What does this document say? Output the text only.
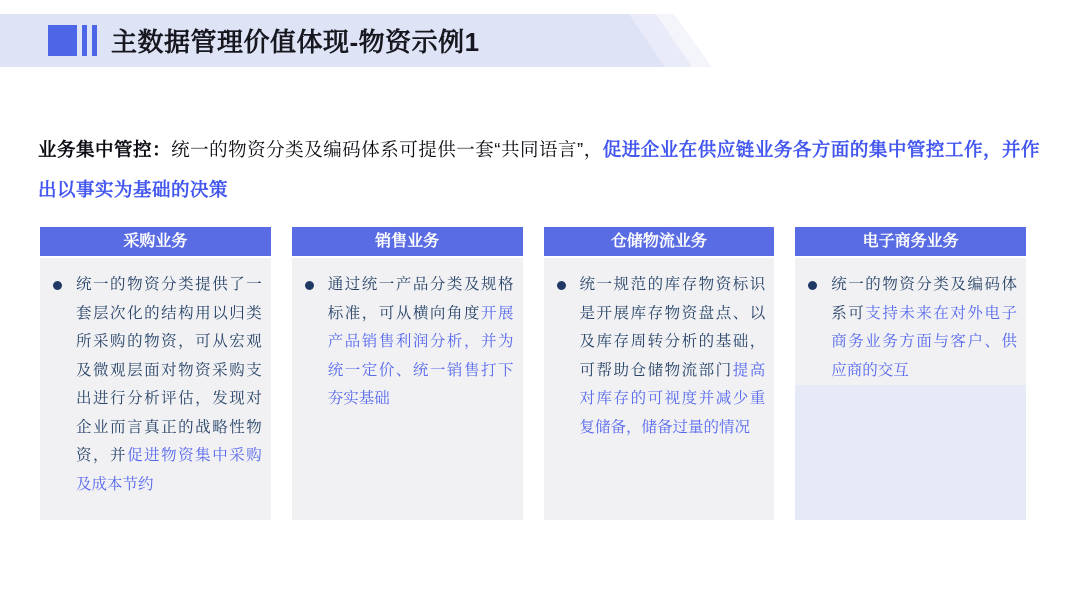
主数据管理价值体现-物资示例1

业务集中管控：统一的物资分类及编码体系可提供一套“共同语言”，促进企业在供应链业务各方面的集中管控工作，并作出以事实为基础的决策

采购业务
统一的物资分类提供了一套层次化的结构用以归类所采购的物资，可从宏观及微观层面对物资采购支出进行分析评估，发现对企业而言真正的战略性物资，并促进物资集中采购及成本节约
销售业务
通过统一产品分类及规格标准，可从横向角度开展产品销售利润分析，并为统一定价、统一销售打下夯实基础
仓储物流业务
统一规范的库存物资标识是开展库存物资盘点、以及库存周转分析的基础，可帮助仓储物流部门提高对库存的可视度并减少重复储备，储备过量的情况
电子商务业务
统一的物资分类及编码体系可支持未来在对外电子商务业务方面与客户、供应商的交互
